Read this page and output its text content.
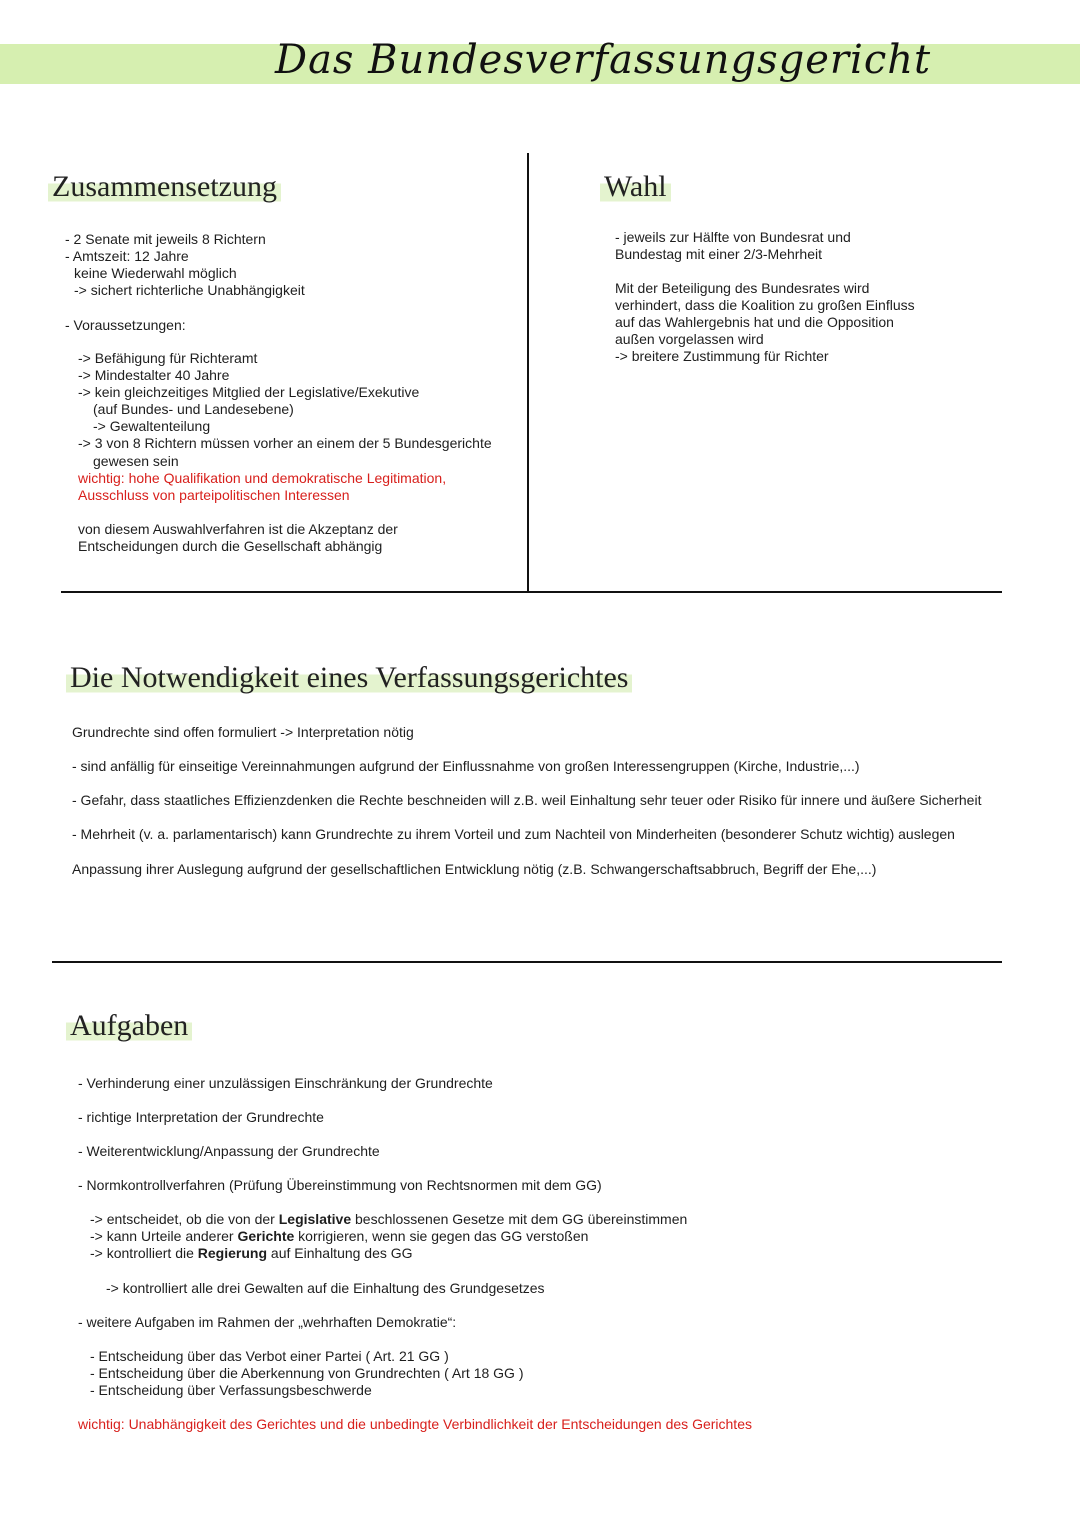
Das Bundesverfassungsgericht
Zusammensetzung
- 2 Senate mit jeweils 8 Richtern
- Amtszeit: 12 Jahre
keine Wiederwahl möglich
-> sichert richterliche Unabhängigkeit
- Voraussetzungen:
-> Befähigung für Richteramt
-> Mindestalter 40 Jahre
-> kein gleichzeitiges Mitglied der Legislative/Exekutive
(auf Bundes- und Landesebene)
-> Gewaltenteilung
-> 3 von 8 Richtern müssen vorher an einem der 5 Bundesgerichte
gewesen sein
wichtig: hohe Qualifikation und demokratische Legitimation,
Ausschluss von parteipolitischen Interessen
von diesem Auswahlverfahren ist die Akzeptanz der
Entscheidungen durch die Gesellschaft abhängig
Wahl
- jeweils zur Hälfte von Bundesrat und
Bundestag mit einer 2/3-Mehrheit
Mit der Beteiligung des Bundesrates wird
verhindert, dass die Koalition zu großen Einfluss
auf das Wahlergebnis hat und die Opposition
außen vorgelassen wird
-> breitere Zustimmung für Richter
Die Notwendigkeit eines Verfassungsgerichtes
Grundrechte sind offen formuliert -> Interpretation nötig
- sind anfällig für einseitige Vereinnahmungen aufgrund der Einflussnahme von großen Interessengruppen (Kirche, Industrie,...)
- Gefahr, dass staatliches Effizienzdenken die Rechte beschneiden will z.B. weil Einhaltung sehr teuer oder Risiko für innere und äußere Sicherheit
- Mehrheit (v. a. parlamentarisch) kann Grundrechte zu ihrem Vorteil und zum Nachteil von Minderheiten (besonderer Schutz wichtig) auslegen
Anpassung ihrer Auslegung aufgrund der gesellschaftlichen Entwicklung nötig (z.B. Schwangerschaftsabbruch, Begriff der Ehe,...)
Aufgaben
- Verhinderung einer unzulässigen Einschränkung der Grundrechte
- richtige Interpretation der Grundrechte
- Weiterentwicklung/Anpassung der Grundrechte
- Normkontrollverfahren (Prüfung Übereinstimmung von Rechtsnormen mit dem GG)
-> entscheidet, ob die von der Legislative beschlossenen Gesetze mit dem GG übereinstimmen
-> kann Urteile anderer Gerichte korrigieren, wenn sie gegen das GG verstoßen
-> kontrolliert die Regierung auf Einhaltung des GG
-> kontrolliert alle drei Gewalten auf die Einhaltung des Grundgesetzes
- weitere Aufgaben im Rahmen der „wehrhaften Demokratie“:
- Entscheidung über das Verbot einer Partei ( Art. 21 GG )
- Entscheidung über die Aberkennung von Grundrechten ( Art 18 GG )
- Entscheidung über Verfassungsbeschwerde
wichtig: Unabhängigkeit des Gerichtes und die unbedingte Verbindlichkeit der Entscheidungen des Gerichtes
